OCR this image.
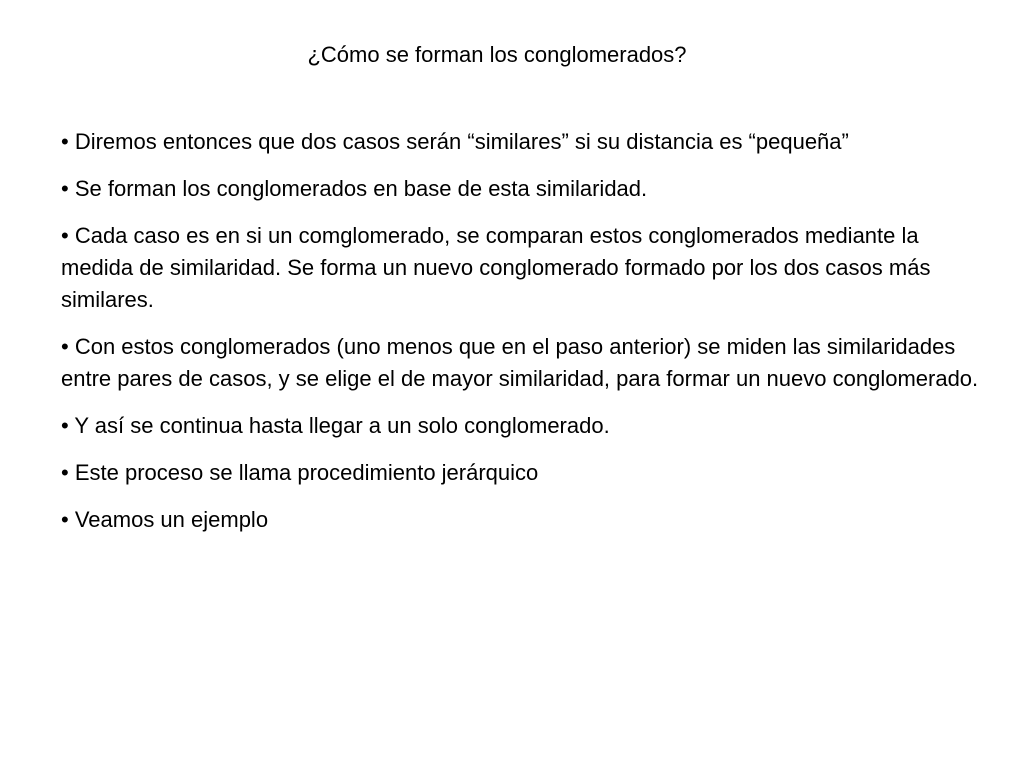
¿Cómo se forman los conglomerados?
• Diremos entonces que dos casos serán “similares” si su distancia es “pequeña”
• Se forman los conglomerados en base de esta similaridad.
• Cada caso es en si un comglomerado, se comparan estos conglomerados mediante la medida de similaridad. Se forma un nuevo conglomerado formado por los dos casos más similares.
• Con estos conglomerados (uno menos que en el paso anterior) se miden las similaridades entre pares de casos, y se elige el de mayor similaridad, para formar un nuevo conglomerado.
• Y así se continua hasta llegar a un solo conglomerado.
• Este proceso se llama procedimiento jerárquico
• Veamos un ejemplo
